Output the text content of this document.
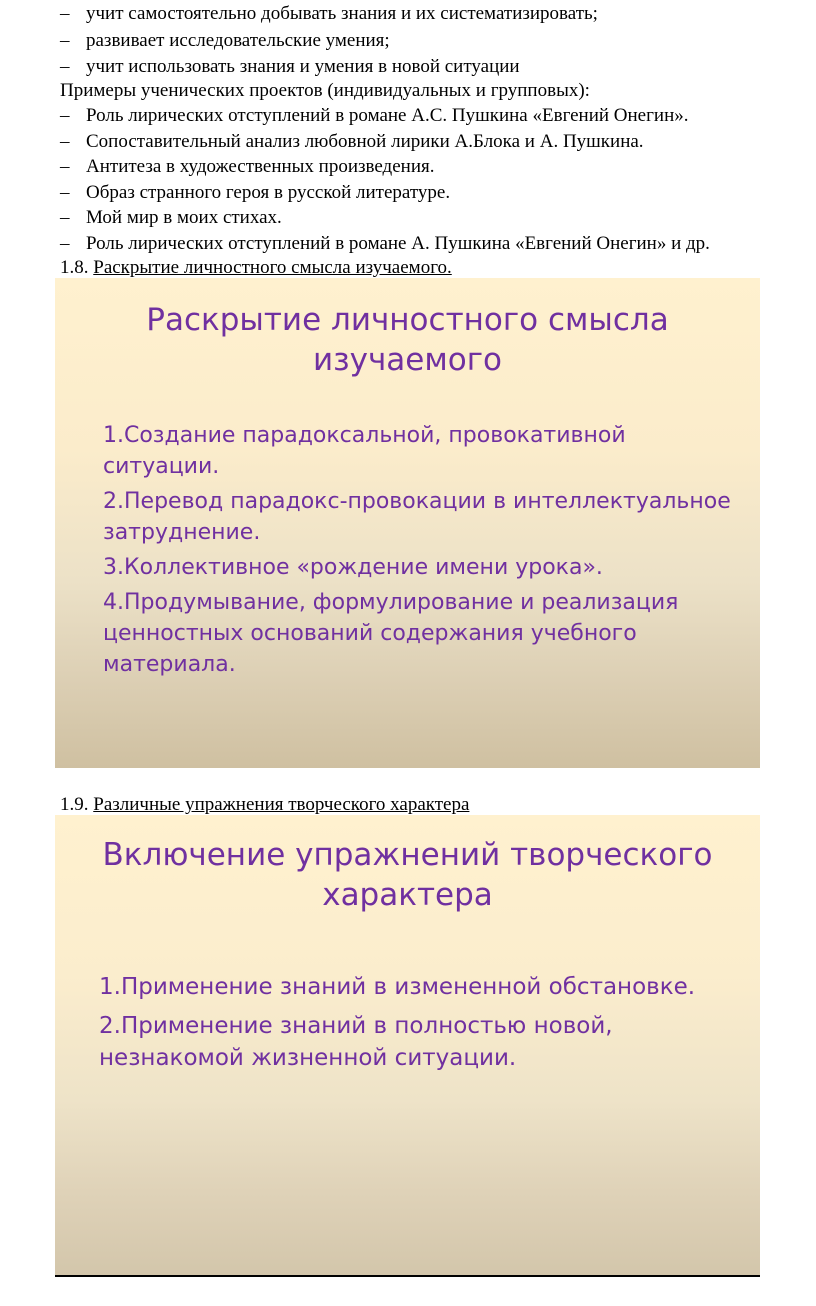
– учит самостоятельно добывать знания и их систематизировать;
– развивает исследовательские умения;
– учит использовать знания и умения в новой ситуации
Примеры ученических проектов (индивидуальных и групповых):
– Роль лирических отступлений в романе А.С. Пушкина «Евгений Онегин».
– Сопоставительный анализ любовной лирики А.Блока и А. Пушкина.
– Антитеза в художественных произведения.
– Образ странного героя в русской литературе.
– Мой мир в моих стихах.
– Роль лирических отступлений в романе А. Пушкина «Евгений Онегин» и др.
1.8. Раскрытие личностного смысла изучаемого.
Раскрытие личностного смысла
изучаемого
1.Создание парадоксальной, провокативной ситуации.
2.Перевод парадокс-провокации в интеллектуальное затруднение.
3.Коллективное «рождение имени урока».
4.Продумывание, формулирование и реализация ценностных оснований содержания учебного материала.
1.9. Различные упражнения творческого характера
Включение упражнений творческого
характера
1.Применение знаний в измененной обстановке.
2.Применение знаний в полностью новой, незнакомой жизненной ситуации.
